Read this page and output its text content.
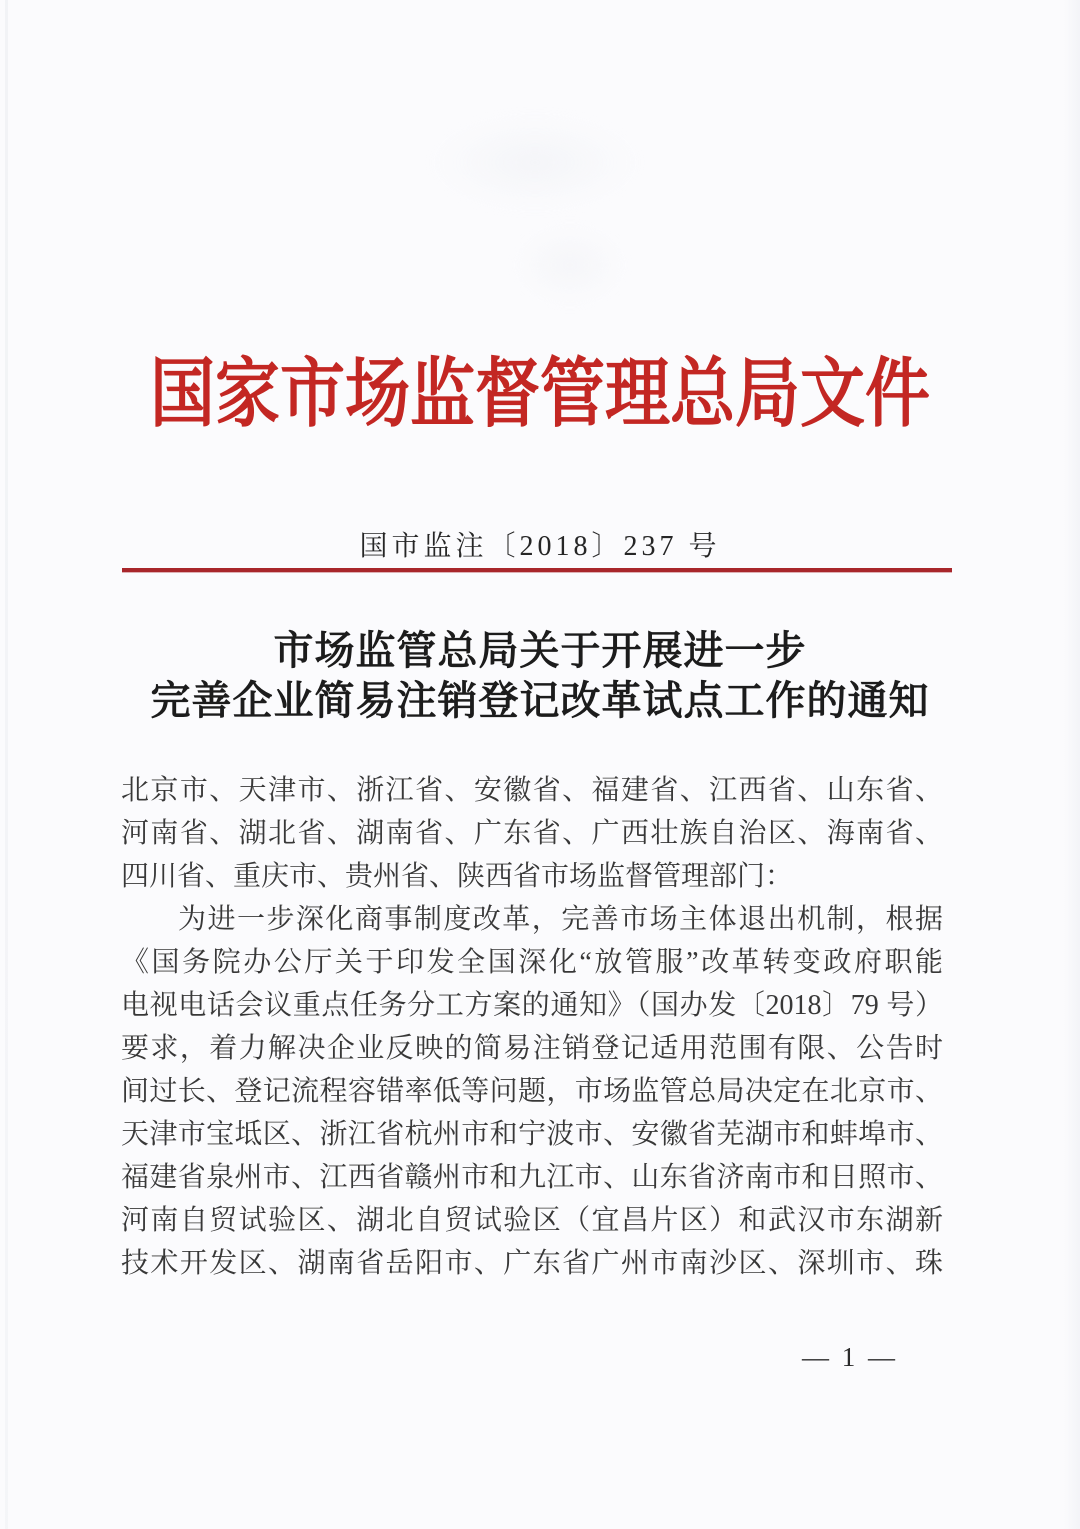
国家市场监督管理总局文件
国市监注〔2018〕237 号
市场监管总局关于开展进一步
完善企业简易注销登记改革试点工作的通知
北京市、天津市、浙江省、安徽省、福建省、江西省、山东省、
河南省、湖北省、湖南省、广东省、广西壮族自治区、海南省、
四川省、重庆市、贵州省、陕西省市场监督管理部门：
为进一步深化商事制度改革，完善市场主体退出机制，根据
《国务院办公厅关于印发全国深化“放管服”改革转变政府职能
电视电话会议重点任务分工方案的通知》（国办发〔2018〕79 号）
要求，着力解决企业反映的简易注销登记适用范围有限、公告时
间过长、登记流程容错率低等问题，市场监管总局决定在北京市、
天津市宝坻区、浙江省杭州市和宁波市、安徽省芜湖市和蚌埠市、
福建省泉州市、江西省赣州市和九江市、山东省济南市和日照市、
河南自贸试验区、湖北自贸试验区（宜昌片区）和武汉市东湖新
技术开发区、湖南省岳阳市、广东省广州市南沙区、深圳市、珠
— 1 —
